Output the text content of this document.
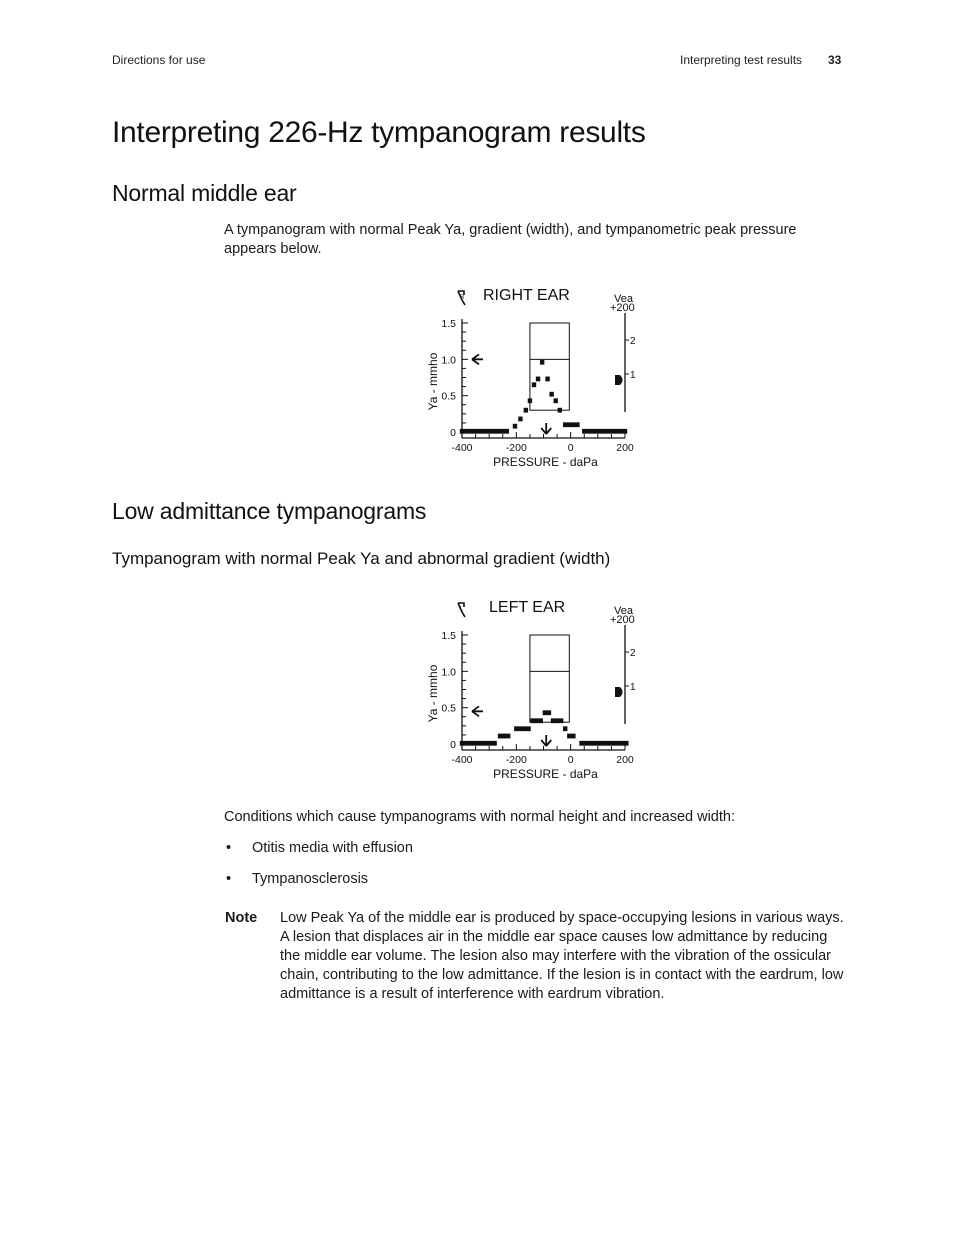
Directions for use	Interpreting test results 33
Interpreting 226-Hz tympanogram results
Normal middle ear

A tympanogram with normal Peak Ya, gradient (width), and tympanometric peak pressure appears below.

R RIGHT EAR	Vea
+200
2
1
0
0.5
1.0
1.5
Ya - mmho
-400	-200	0	200
PRESSURE - daPa
Low admittance tympanograms
Tympanogram with normal Peak Ya and abnormal gradient (width)
L LEFT EAR	Vea
+200
2
1
0
0.5
1.0
1.5
Ya - mmho
-400	-200	0	200
PRESSURE - daPa

Conditions which cause tympanograms with normal height and increased width:

• Otitis media with effusion
• Tympanosclerosis
Note Low Peak Ya of the middle ear is produced by space-occupying lesions in various ways. A lesion that displaces air in the middle ear space causes low admittance by reducing the middle ear volume. The lesion also may interfere with the vibration of the ossicular chain, contributing to the low admittance. If the lesion is in contact with the eardrum, low admittance is a result of interference with eardrum vibration.
